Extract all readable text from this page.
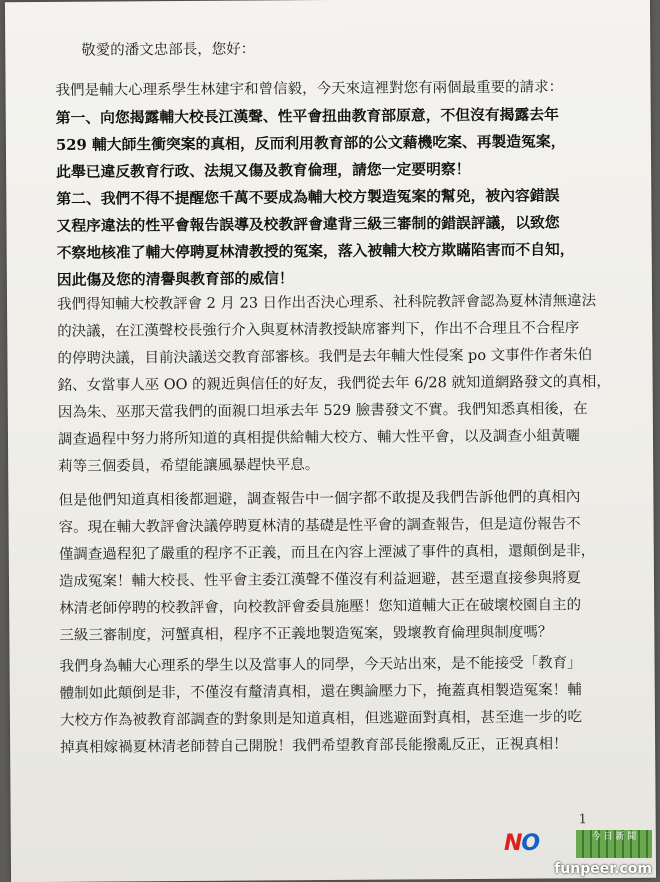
敬愛的潘文忠部長，您好：

我們是輔大心理系學生林建宇和曾信毅，今天來這裡對您有兩個最重要的請求：

第一、向您揭露輔大校長江漢聲、性平會扭曲教育部原意，不但沒有揭露去年

529 輔大師生衝突案的真相，反而利用教育部的公文藉機吃案、再製造冤案，

此舉已違反教育行政、法規又傷及教育倫理，請您一定要明察！

第二、我們不得不提醒您千萬不要成為輔大校方製造冤案的幫兇，被內容錯誤

又程序違法的性平會報告誤導及校教評會違背三級三審制的錯誤評議，以致您

不察地核准了輔大停聘夏林清教授的冤案，落入被輔大校方欺瞞陷害而不自知，

因此傷及您的清譽與教育部的威信！

我們得知輔大校教評會 2 月 23 日作出否決心理系、社科院教評會認為夏林清無違法

的決議，在江漢聲校長強行介入與夏林清教授缺席審判下，作出不合理且不合程序

的停聘決議，目前決議送交教育部審核。我們是去年輔大性侵案 po 文事件作者朱伯

銘、女當事人巫 OO 的親近與信任的好友，我們從去年 6/28 就知道網路發文的真相，

因為朱、巫那天當我們的面親口坦承去年 529 臉書發文不實。我們知悉真相後，在

調查過程中努力將所知道的真相提供給輔大校方、輔大性平會，以及調查小組黃囇

莉等三個委員，希望能讓風暴趕快平息。

但是他們知道真相後都迴避，調查報告中一個字都不敢提及我們告訴他們的真相內

容。現在輔大教評會決議停聘夏林清的基礎是性平會的調查報告，但是這份報告不

僅調查過程犯了嚴重的程序不正義，而且在內容上湮滅了事件的真相，還顛倒是非，

造成冤案！輔大校長、性平會主委江漢聲不僅沒有利益迴避，甚至還直接參與將夏

林清老師停聘的校教評會，向校教評會委員施壓！您知道輔大正在破壞校園自主的

三級三審制度，河蟹真相，程序不正義地製造冤案，毀壞教育倫理與制度嗎？

我們身為輔大心理系的學生以及當事人的同學，今天站出來，是不能接受「教育」

體制如此顛倒是非，不僅沒有釐清真相，還在輿論壓力下，掩蓋真相製造冤案！輔

大校方作為被教育部調查的對象則是知道真相，但逃避面對真相，甚至進一步的吃

掉真相嫁禍夏林清老師替自己開脫！我們希望教育部長能撥亂反正，正視真相！

1
NO	今 日 新 聞
funpeer.com
